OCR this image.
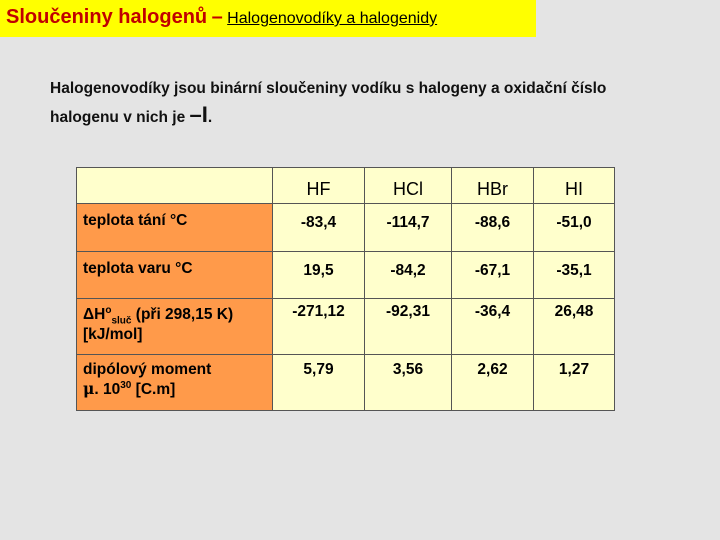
Sloučeniny halogenů – Halogenovodíky a halogenidy
Halogenovodíky jsou binární sloučeniny vodíku s halogeny a oxidační číslo halogenu v nich je –I.
	HF	HCl	HBr	HI
teplota tání °C	-83,4	-114,7	-88,6	-51,0
teplota varu °C	19,5	-84,2	-67,1	-35,1
$\Delta H^o_{sluč}$ (při 298,15 K)
[kJ/mol]	-271,12	-92,31	-36,4	26,48
dipólový moment
μ. $10^{30}$ [C.m]	5,79	3,56	2,62	1,27
